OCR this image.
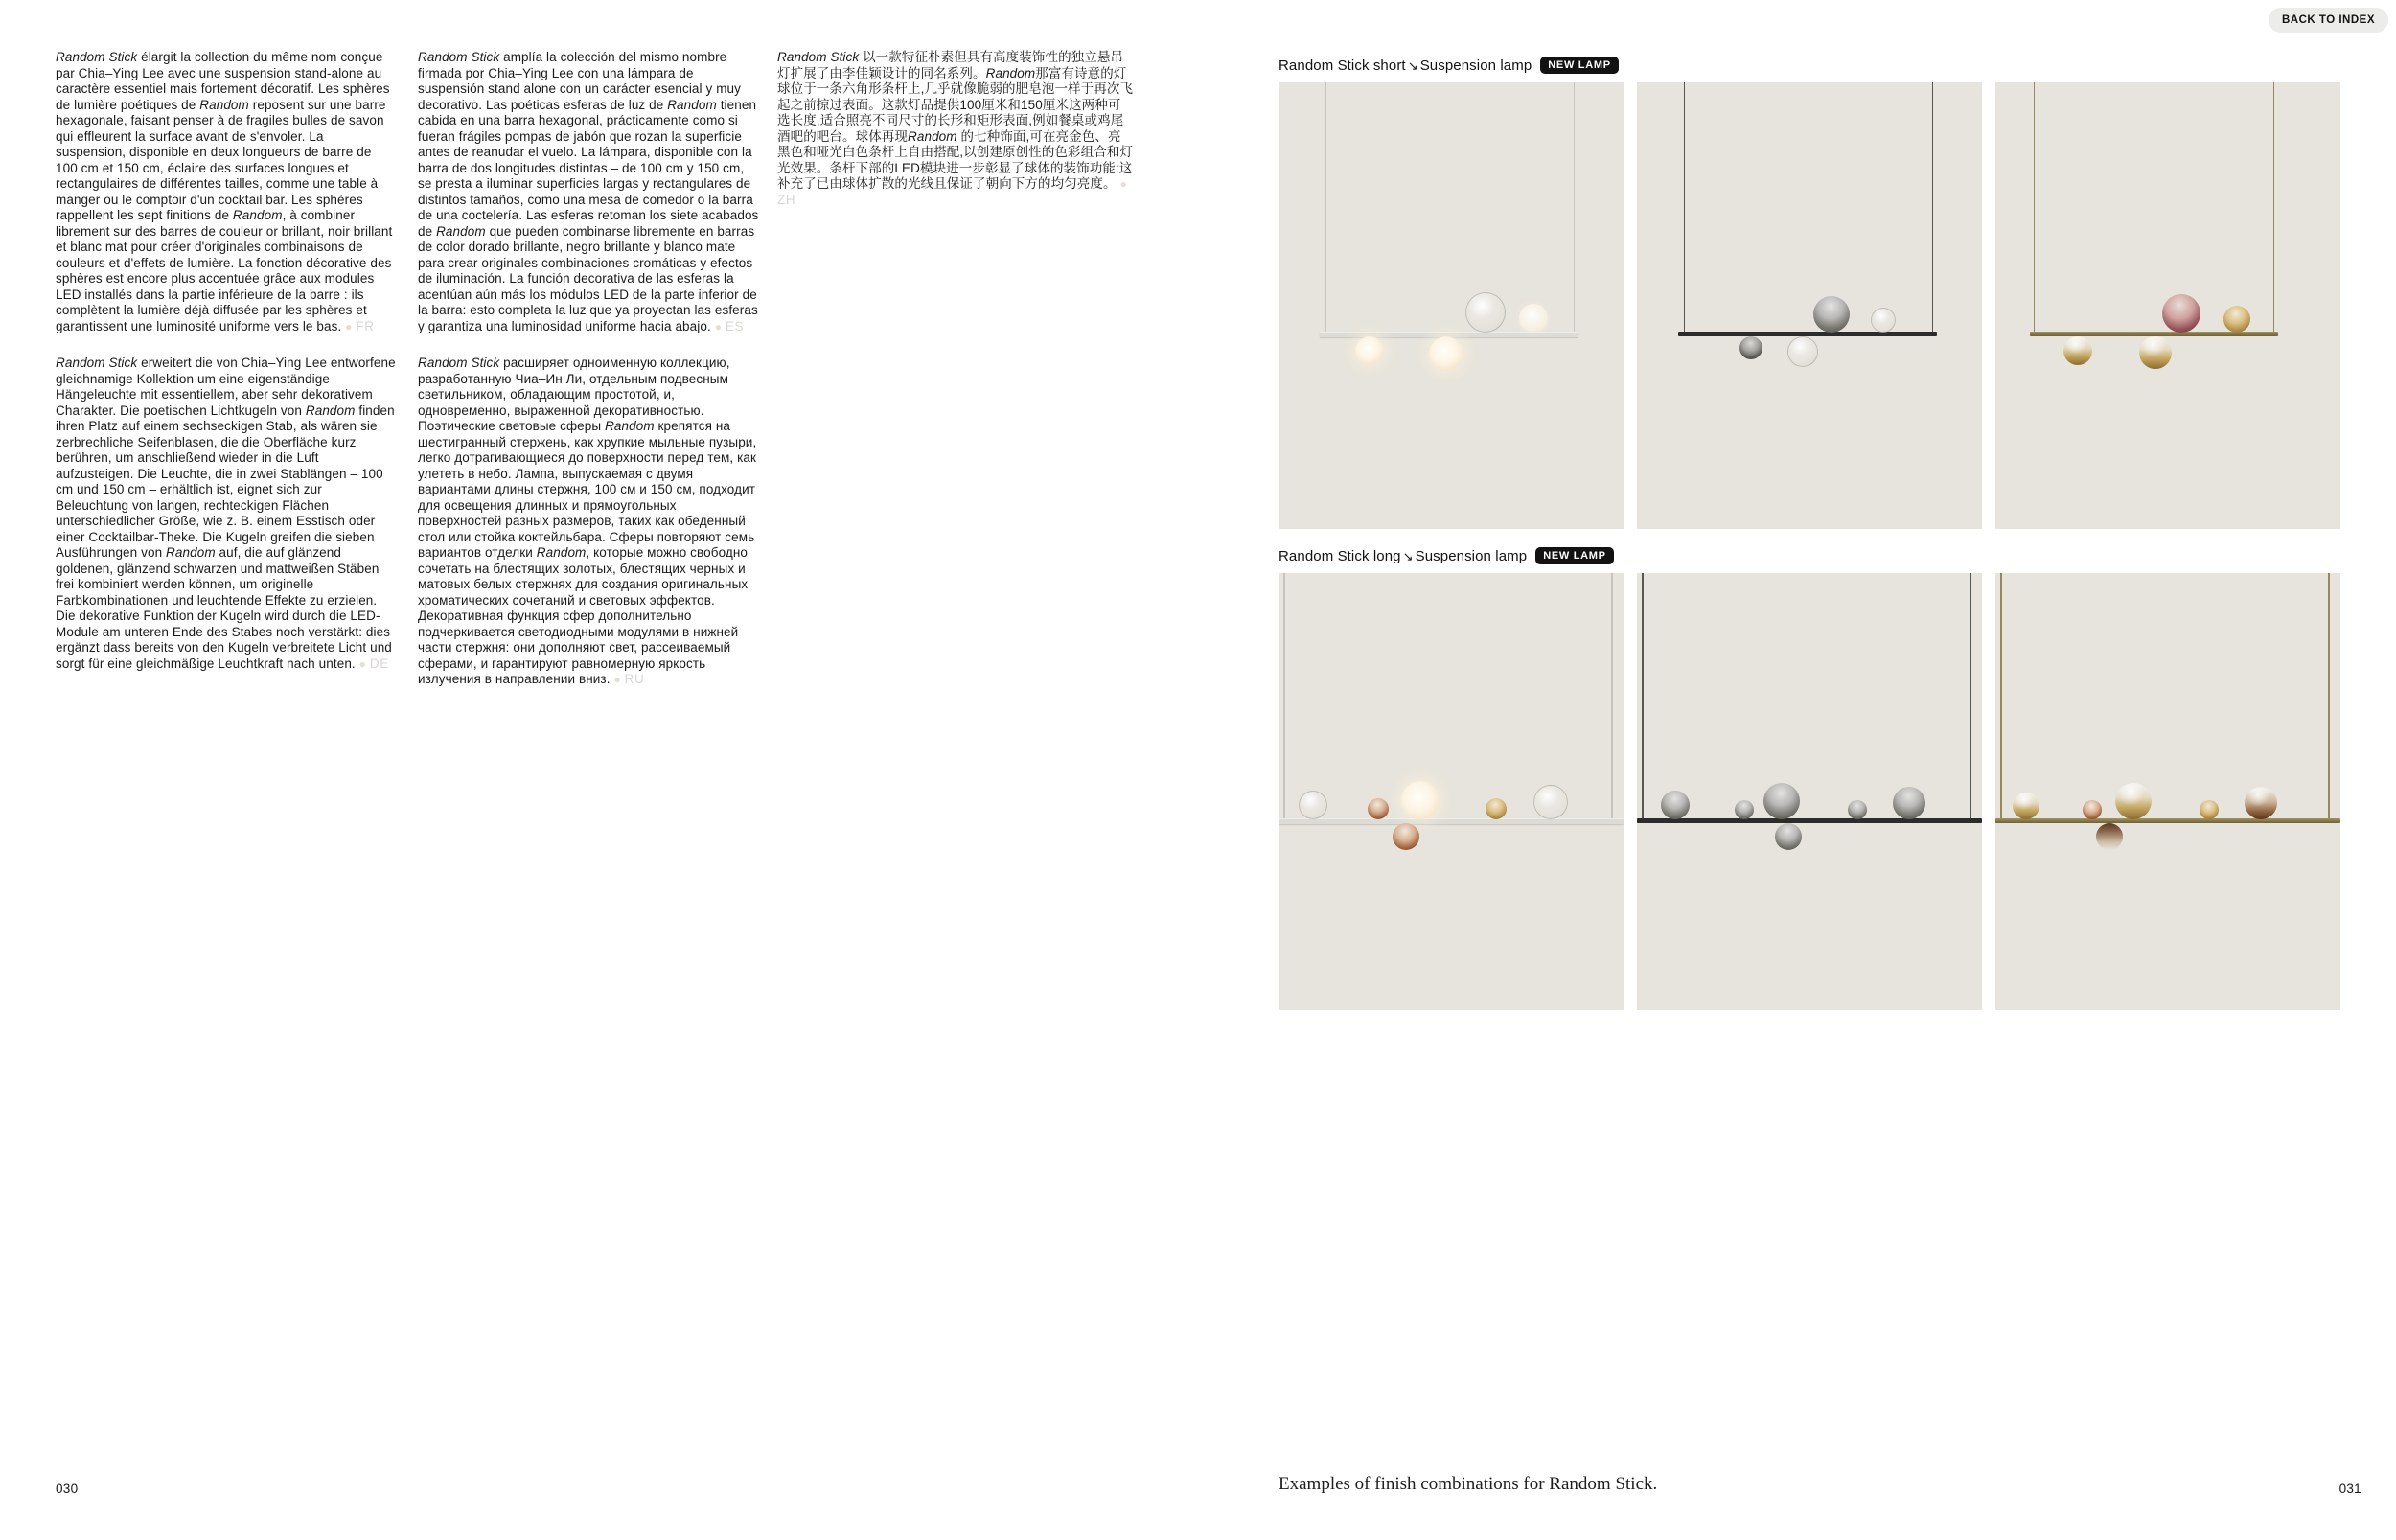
BACK TO INDEX

Random Stick élargit la collection du même nom conçue par Chia–Ying Lee avec une suspension stand-alone au caractère essentiel mais fortement décoratif. Les sphères de lumière poétiques de Random reposent sur une barre hexagonale, faisant penser à de fragiles bulles de savon qui effleurent la surface avant de s'envoler. La suspension, disponible en deux longueurs de barre de 100 cm et 150 cm, éclaire des surfaces longues et rectangulaires de différentes tailles, comme une table à manger ou le comptoir d'un cocktail bar. Les sphères rappellent les sept finitions de Random, à combiner librement sur des barres de couleur or brillant, noir brillant et blanc mat pour créer d'originales combinaisons de couleurs et d'effets de lumière. La fonction décorative des sphères est encore plus accentuée grâce aux modules LED installés dans la partie inférieure de la barre : ils complètent la lumière déjà diffusée par les sphères et garantissent une luminosité uniforme vers le bas. ● FR

Random Stick erweitert die von Chia–Ying Lee entworfene gleichnamige Kollektion um eine eigenständige Hängeleuchte mit essentiellem, aber sehr dekorativem Charakter. Die poetischen Lichtkugeln von Random finden ihren Platz auf einem sechseckigen Stab, als wären sie zerbrechliche Seifenblasen, die die Oberfläche kurz berühren, um anschließend wieder in die Luft aufzusteigen. Die Leuchte, die in zwei Stablängen – 100 cm und 150 cm – erhältlich ist, eignet sich zur Beleuchtung von langen, rechteckigen Flächen unterschiedlicher Größe, wie z. B. einem Esstisch oder einer Cocktailbar-Theke. Die Kugeln greifen die sieben Ausführungen von Random auf, die auf glänzend goldenen, glänzend schwarzen und mattweißen Stäben frei kombiniert werden können, um originelle Farbkombinationen und leuchtende Effekte zu erzielen. Die dekorative Funktion der Kugeln wird durch die LED-Module am unteren Ende des Stabes noch verstärkt: dies ergänzt dass bereits von den Kugeln verbreitete Licht und sorgt für eine gleichmäßige Leuchtkraft nach unten. ● DE

Random Stick amplía la colección del mismo nombre firmada por Chia–Ying Lee con una lámpara de suspensión stand alone con un carácter esencial y muy decorativo. Las poéticas esferas de luz de Random tienen cabida en una barra hexagonal, prácticamente como si fueran frágiles pompas de jabón que rozan la superficie antes de reanudar el vuelo. La lámpara, disponible con la barra de dos longitudes distintas – de 100 cm y 150 cm, se presta a iluminar superficies largas y rectangulares de distintos tamaños, como una mesa de comedor o la barra de una coctelería. Las esferas retoman los siete acabados de Random que pueden combinarse libremente en barras de color dorado brillante, negro brillante y blanco mate para crear originales combinaciones cromáticas y efectos de iluminación. La función decorativa de las esferas la acentúan aún más los módulos LED de la parte inferior de la barra: esto completa la luz que ya proyectan las esferas y garantiza una luminosidad uniforme hacia abajo. ● ES

Random Stick расширяет одноименную коллекцию, разработанную Чиа–Ин Ли, отдельным подвесным светильником, обладающим простотой, и, одновременно, выраженной декоративностью. Поэтические световые сферы Random крепятся на шестигранный стержень, как хрупкие мыльные пузыри, легко дотрагивающиеся до поверхности перед тем, как улететь в небо. Лампа, выпускаемая с двумя вариантами длины стержня, 100 см и 150 см, подходит для освещения длинных и прямоугольных поверхностей разных размеров, таких как обеденный стол или стойка коктейльбара. Сферы повторяют семь вариантов отделки Random, которые можно свободно сочетать на блестящих золотых, блестящих черных и матовых белых стержнях для создания оригинальных хроматических сочетаний и световых эффектов. Декоративная функция сфер дополнительно подчеркивается светодиодными модулями в нижней части стержня: они дополняют свет, рассеиваемый сферами, и гарантируют равномерную яркость излучения в направлении вниз. ● RU

Random Stick 以一款特征朴素但具有高度装饰性的独立悬吊灯扩展了由李佳颖设计的同名系列。Random那富有诗意的灯球位于一条六角形条杆上,几乎就像脆弱的肥皂泡一样于再次飞起之前掠过表面。这款灯品提供100厘米和150厘米这两种可选长度,适合照亮不同尺寸的长形和矩形表面,例如餐桌或鸡尾酒吧的吧台。球体再现Random 的七种饰面,可在亮金色、亮黑色和哑光白色条杆上自由搭配,以创建原创性的色彩组合和灯光效果。条杆下部的LED模块进一步彰显了球体的装饰功能:这补充了已由球体扩散的光线且保证了朝向下方的均匀亮度。 ● ZH

Random Stick short ↘ Suspension lamp	NEW LAMP
Random Stick long ↘ Suspension lamp	NEW LAMP
Examples of finish combinations for Random Stick.
030	031
